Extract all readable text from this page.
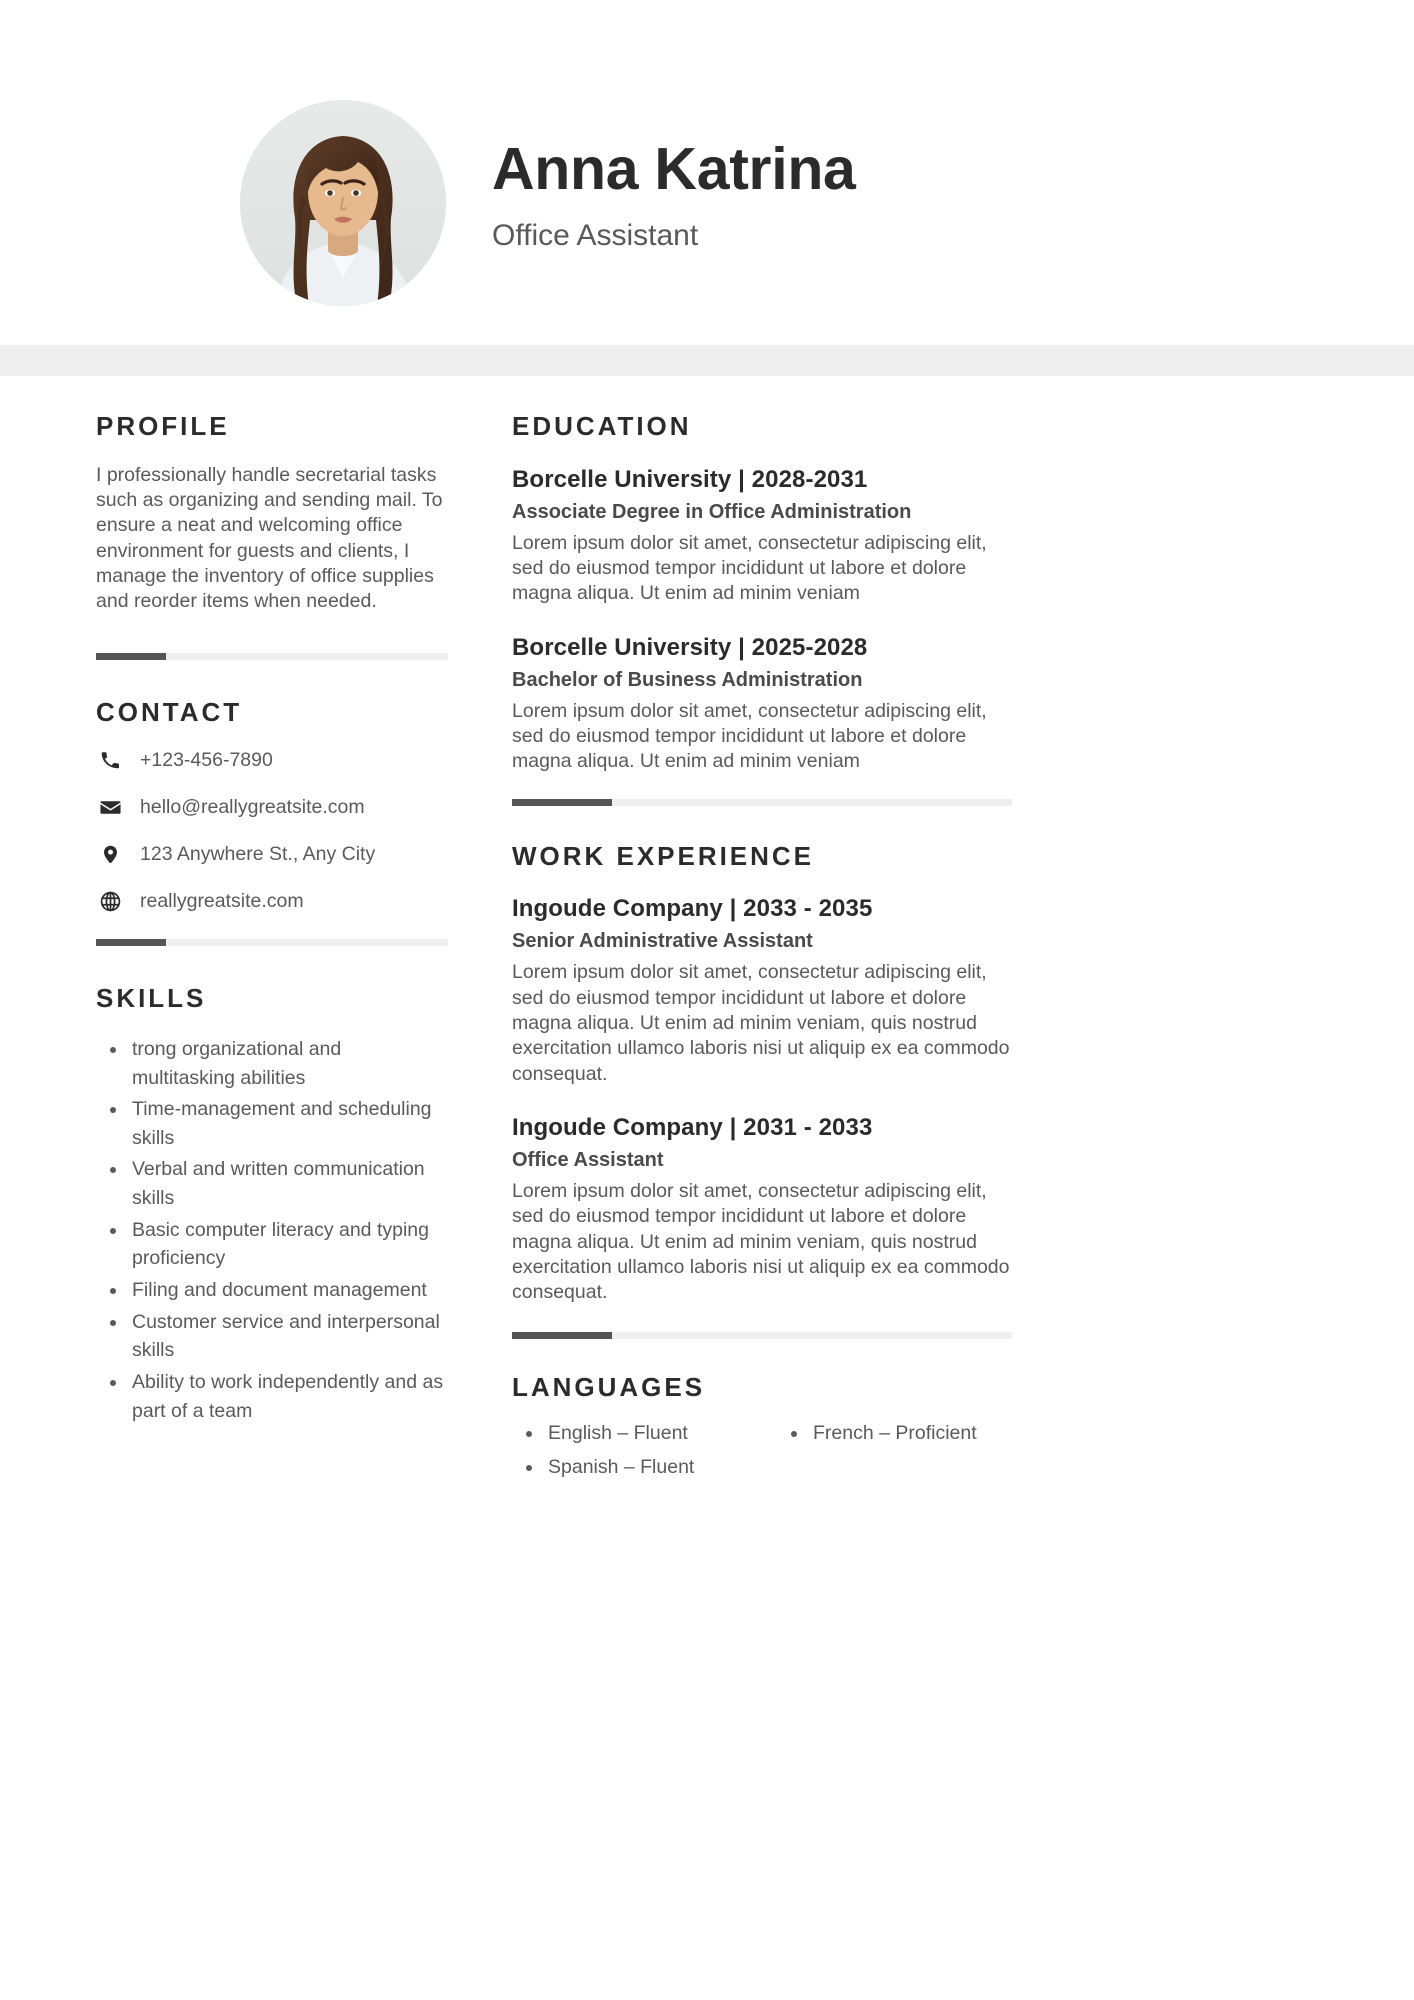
Anna Katrina
Office Assistant
PROFILE
I professionally handle secretarial tasks such as organizing and sending mail. To ensure a neat and welcoming office environment for guests and clients, I manage the inventory of office supplies and reorder items when needed.
CONTACT
+123-456-7890
hello@reallygreatsite.com
123 Anywhere St., Any City
reallygreatsite.com
SKILLS
trong organizational and multitasking abilities
Time-management and scheduling skills
Verbal and written communication skills
Basic computer literacy and typing proficiency
Filing and document management
Customer service and interpersonal skills
Ability to work independently and as part of a team
EDUCATION
Borcelle University | 2028-2031
Associate Degree in Office Administration
Lorem ipsum dolor sit amet, consectetur adipiscing elit, sed do eiusmod tempor incididunt ut labore et dolore magna aliqua. Ut enim ad minim veniam
Borcelle University | 2025-2028
Bachelor of Business Administration
Lorem ipsum dolor sit amet, consectetur adipiscing elit, sed do eiusmod tempor incididunt ut labore et dolore magna aliqua. Ut enim ad minim veniam
WORK EXPERIENCE
Ingoude Company | 2033 - 2035
Senior Administrative Assistant
Lorem ipsum dolor sit amet, consectetur adipiscing elit, sed do eiusmod tempor incididunt ut labore et dolore magna aliqua. Ut enim ad minim veniam, quis nostrud exercitation ullamco laboris nisi ut aliquip ex ea commodo consequat.
Ingoude Company | 2031 - 2033
Office Assistant
Lorem ipsum dolor sit amet, consectetur adipiscing elit, sed do eiusmod tempor incididunt ut labore et dolore magna aliqua. Ut enim ad minim veniam, quis nostrud exercitation ullamco laboris nisi ut aliquip ex ea commodo consequat.
LANGUAGES
English – Fluent
Spanish – Fluent
French – Proficient
